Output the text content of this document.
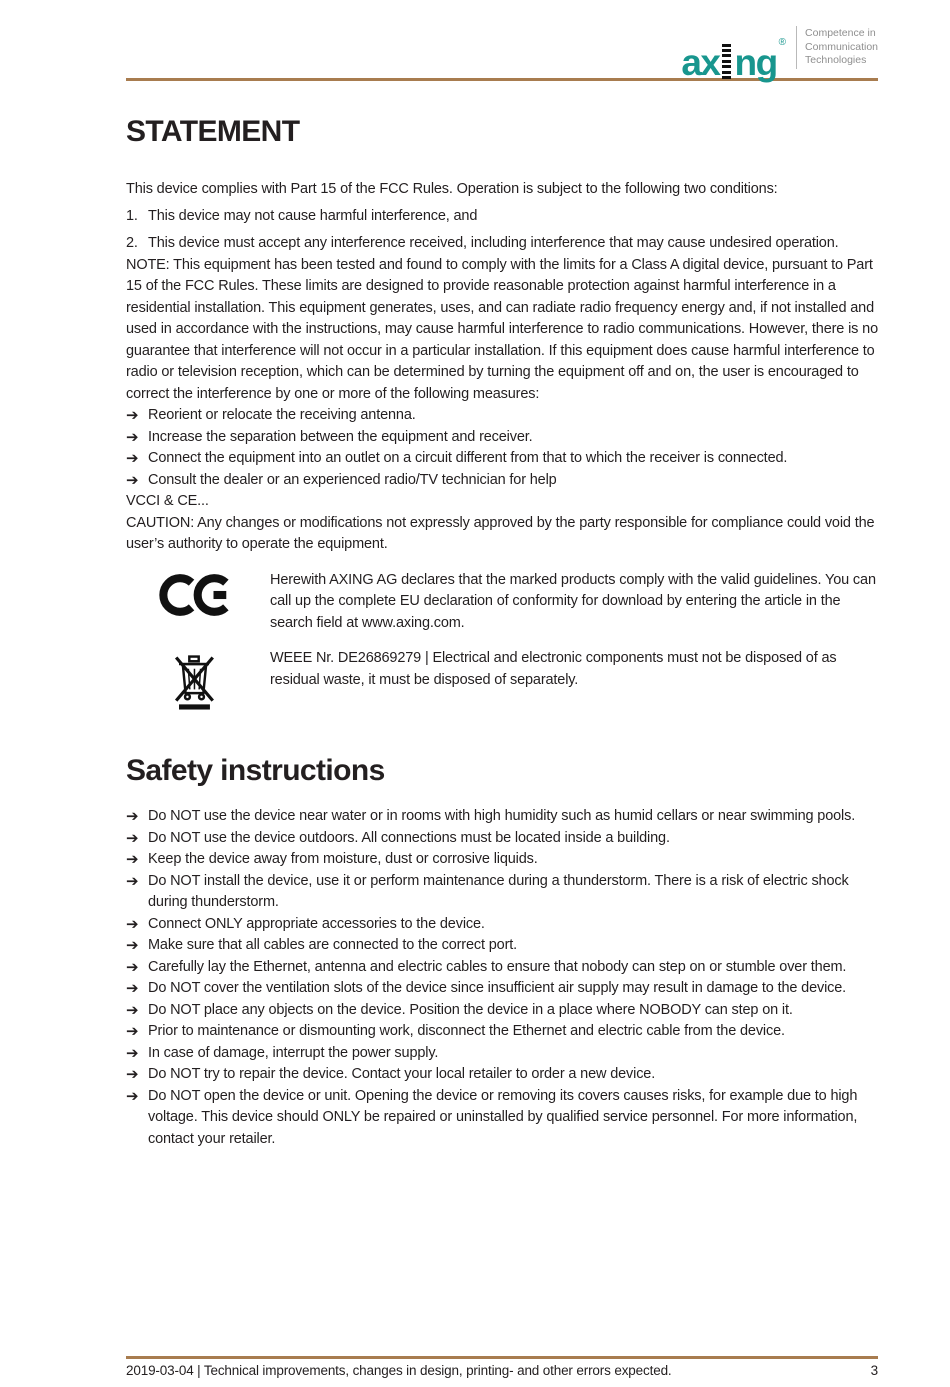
ax ng ®
Competence in
Communication
Technologies
STATEMENT

This device complies with Part 15 of the FCC Rules. Operation is subject to the following two conditions:

1. This device may not cause harmful interference, and
2. This device must accept any interference received, including interference that may cause undesired operation.

NOTE: This equipment has been tested and found to comply with the limits for a Class A digital device, pursuant to Part 15 of the FCC Rules. These limits are designed to provide reasonable protection against harmful interference in a residential installation. This equipment generates, uses, and can radiate radio frequency energy and, if not installed and used in accordance with the instructions, may cause harmful interference to radio communications. However, there is no guarantee that interference will not occur in a particular installation. If this equipment does cause harmful interference to radio or television reception, which can be determined by turning the equipment off and on, the user is encouraged to correct the interference by one or more of the following measures:

➔ Reorient or relocate the receiving antenna.
➔ Increase the separation between the equipment and receiver.
➔ Connect the equipment into an outlet on a circuit different from that to which the receiver is connected.
➔ Consult the dealer or an experienced radio/TV technician for help

VCCI & CE...

CAUTION: Any changes or modifications not expressly approved by the party responsible for compliance could void the user’s authority to operate the equipment.

Herewith AXING AG declares that the marked products comply with the valid guidelines. You can call up the complete EU declaration of conformity for download by entering the article in the search field at www.axing.com.
WEEE Nr. DE26869279 | Electrical and electronic components must not be disposed of as residual waste, it must be disposed of separately.
Safety instructions
➔ Do NOT use the device near water or in rooms with high humidity such as humid cellars or near swimming pools.
➔ Do NOT use the device outdoors. All connections must be located inside a building.
➔ Keep the device away from moisture, dust or corrosive liquids.
➔ Do NOT install the device, use it or perform maintenance during a thunderstorm. There is a risk of electric shock during thunderstorm.
➔ Connect ONLY appropriate accessories to the device.
➔ Make sure that all cables are connected to the correct port.
➔ Carefully lay the Ethernet, antenna and electric cables to ensure that nobody can step on or stumble over them.
➔ Do NOT cover the ventilation slots of the device since insufficient air supply may result in damage to the device.
➔ Do NOT place any objects on the device. Position the device in a place where NOBODY can step on it.
➔ Prior to maintenance or dismounting work, disconnect the Ethernet and electric cable from the device.
➔ In case of damage, interrupt the power supply.
➔ Do NOT try to repair the device. Contact your local retailer to order a new device.
➔ Do NOT open the device or unit. Opening the device or removing its covers causes risks, for example due to high voltage. This device should ONLY be repaired or uninstalled by qualified service personnel. For more information, contact your retailer.
2019-03-04 | Technical improvements, changes in design, printing- and other errors expected.	3
